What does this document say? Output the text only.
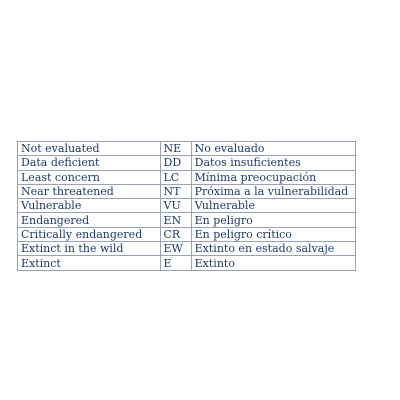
Not evaluated	NE	No evaluado
Data deficient	DD	Datos insuficientes
Least concern	LC	Mínima preocupación
Near threatened	NT	Próxima a la vulnerabilidad
Vulnerable	VU	Vulnerable
Endangered	EN	En peligro
Critically endangered	CR	En peligro crítico
Extinct in the wild	EW	Extinto en estado salvaje
Extinct	E	Extinto
